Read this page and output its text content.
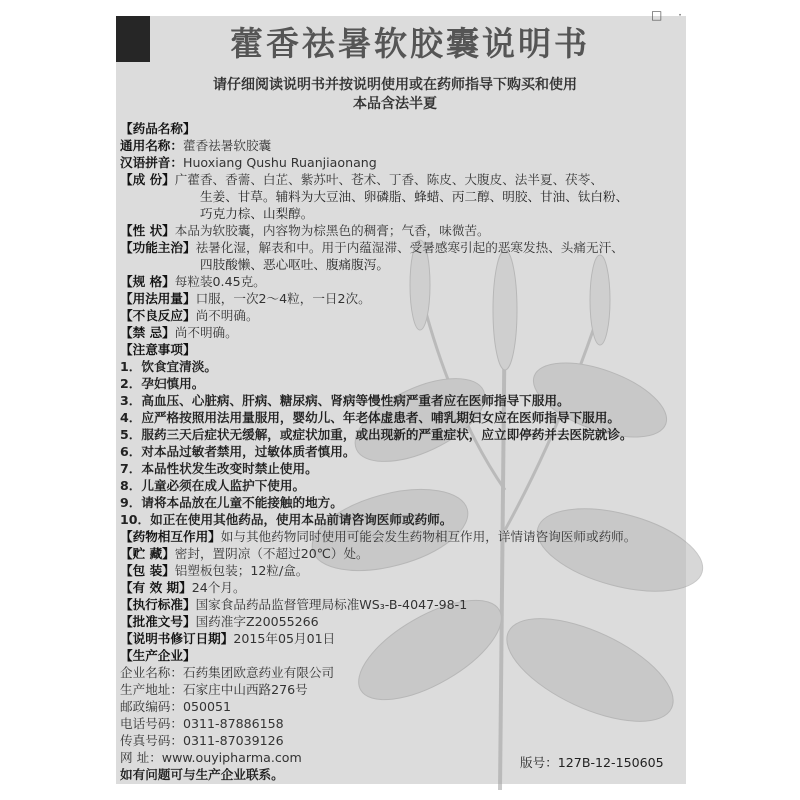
□ ·
藿香祛暑软胶囊说明书
请仔细阅读说明书并按说明使用或在药师指导下购买和使用
本品含法半夏
【药品名称】
通用名称：藿香祛暑软胶囊
汉语拼音：Huoxiang Qushu Ruanjiaonang
【成 份】广藿香、香薷、白芷、紫苏叶、苍术、丁香、陈皮、大腹皮、法半夏、茯苓、
生姜、甘草。辅料为大豆油、卵磷脂、蜂蜡、丙二醇、明胶、甘油、钛白粉、
巧克力棕、山梨醇。
【性 状】本品为软胶囊，内容物为棕黑色的稠膏；气香，味微苦。
【功能主治】祛暑化湿，解表和中。用于内蕴湿滞、受暑感寒引起的恶寒发热、头痛无汗、
四肢酸懒、恶心呕吐、腹痛腹泻。
【规 格】每粒装0.45克。
【用法用量】口服，一次2～4粒，一日2次。
【不良反应】尚不明确。
【禁 忌】尚不明确。
【注意事项】
1．饮食宜清淡。
2．孕妇慎用。
3．高血压、心脏病、肝病、糖尿病、肾病等慢性病严重者应在医师指导下服用。
4．应严格按照用法用量服用，婴幼儿、年老体虚患者、哺乳期妇女应在医师指导下服用。
5．服药三天后症状无缓解，或症状加重，或出现新的严重症状，应立即停药并去医院就诊。
6．对本品过敏者禁用，过敏体质者慎用。
7．本品性状发生改变时禁止使用。
8．儿童必须在成人监护下使用。
9．请将本品放在儿童不能接触的地方。
10．如正在使用其他药品，使用本品前请咨询医师或药师。
【药物相互作用】如与其他药物同时使用可能会发生药物相互作用，详情请咨询医师或药师。
【贮 藏】密封，置阴凉（不超过20℃）处。
【包 装】铝塑板包装；12粒/盒。
【有 效 期】24个月。
【执行标准】国家食品药品监督管理局标准WS₃-B-4047-98-1
【批准文号】国药准字Z20055266
【说明书修订日期】2015年05月01日
【生产企业】
企业名称：石药集团欧意药业有限公司
生产地址：石家庄中山西路276号
邮政编码：050051
电话号码：0311-87886158
传真号码：0311-87039126
网 址：www.ouyipharma.com
如有问题可与生产企业联系。
版号：127B-12-150605
